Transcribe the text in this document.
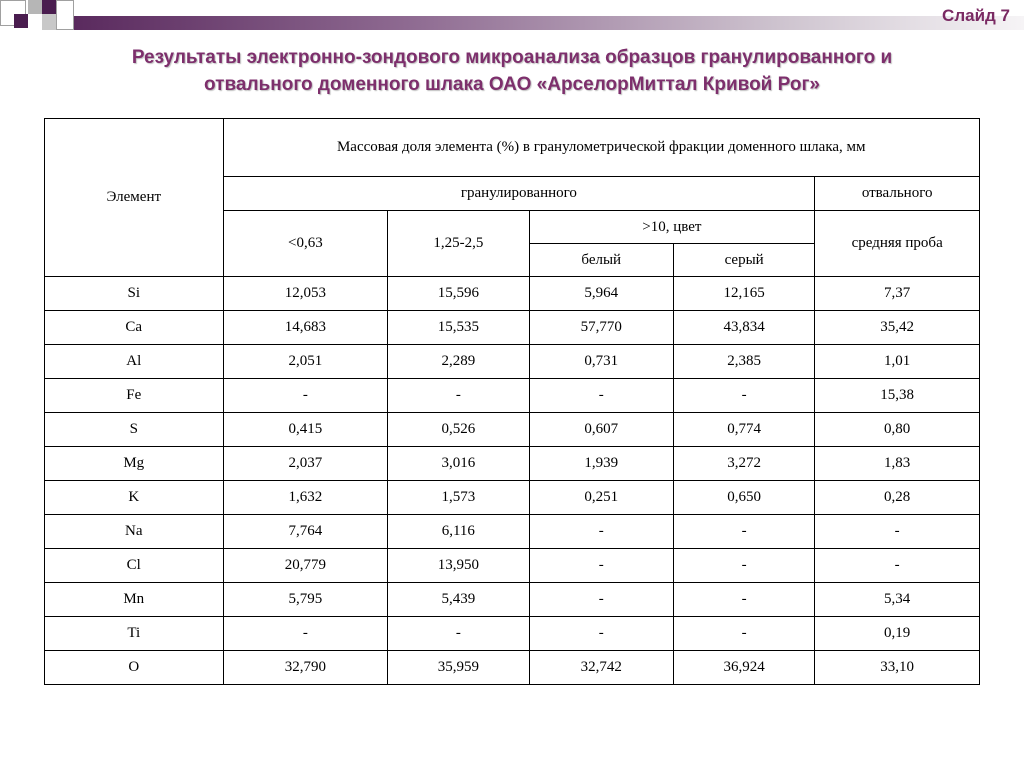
Слайд 7
Результаты электронно-зондового микроанализа образцов гранулированного и
отвального доменного шлака ОАО «АрселорМиттал Кривой Рог»
Элемент	Массовая доля элемента (%) в гранулометрической фракции доменного шлака, мм				
	гранулированного				отвального
	<0,63	1,25-2,5	>10, цвет		средняя проба
			белый	серый	
Si	12,053	15,596	5,964	12,165	7,37
Ca	14,683	15,535	57,770	43,834	35,42
Al	2,051	2,289	0,731	2,385	1,01
Fe	-	-	-	-	15,38
S	0,415	0,526	0,607	0,774	0,80
Mg	2,037	3,016	1,939	3,272	1,83
K	1,632	1,573	0,251	0,650	0,28
Na	7,764	6,116	-	-	-
Cl	20,779	13,950	-	-	-
Mn	5,795	5,439	-	-	5,34
Ti	-	-	-	-	0,19
O	32,790	35,959	32,742	36,924	33,10
